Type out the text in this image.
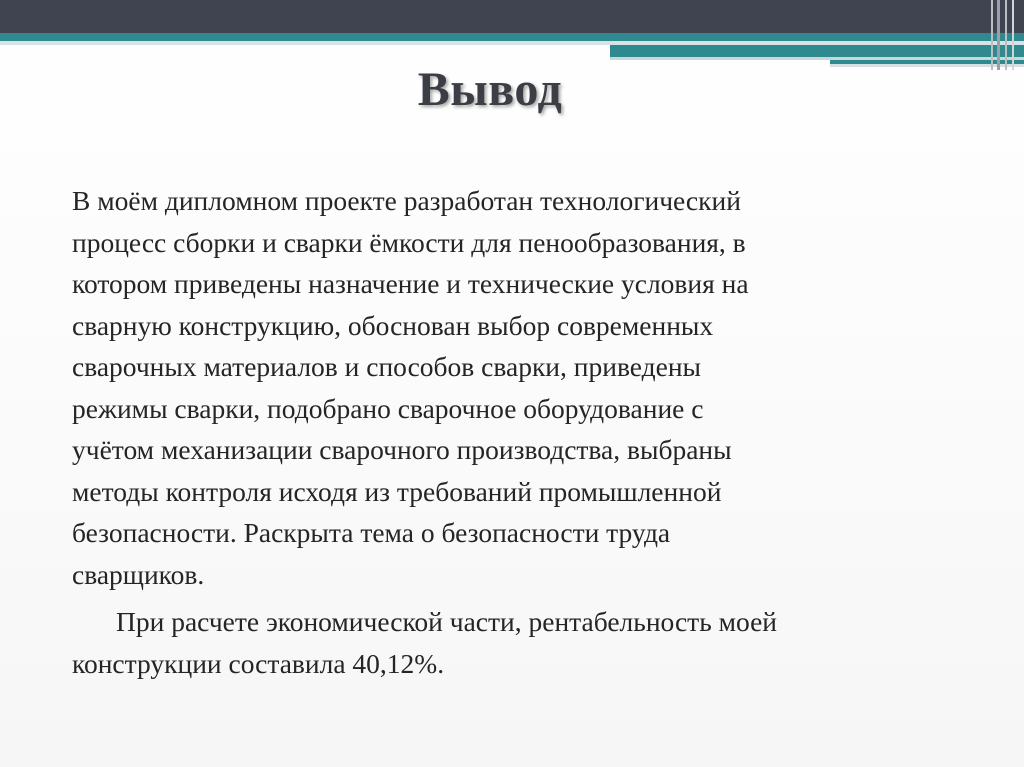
Вывод
В моём дипломном проекте разработан технологический
процесс сборки и сварки ёмкости для пенообразования, в
котором приведены назначение и технические условия на
сварную конструкцию, обоснован выбор современных
сварочных материалов и способов сварки, приведены
режимы сварки, подобрано сварочное оборудование с
учётом механизации сварочного производства, выбраны
методы контроля исходя из требований промышленной
безопасности. Раскрыта тема о безопасности труда
сварщиков.
При расчете экономической части, рентабельность моей
конструкции составила 40,12%.
